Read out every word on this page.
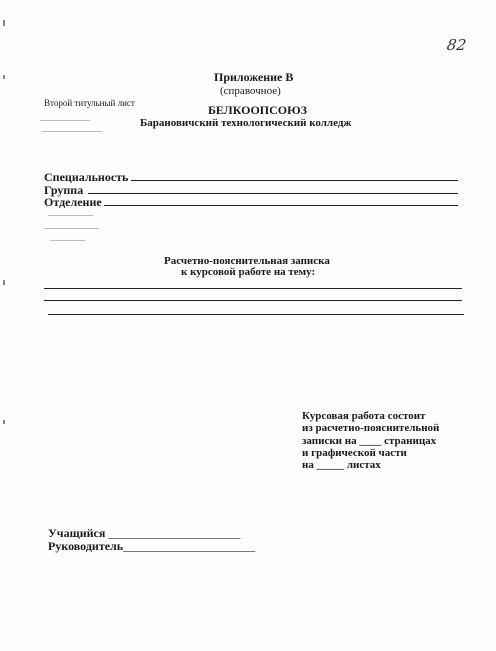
82
Приложение В
(справочное)
Второй титульный лист	БЕЛКООПСОЮЗ
Барановичский технологический колледж
Специальность
Группа
Отделение
Расчетно-пояснительная записка
к курсовой работе на тему:
Курсовая работа состоит
из расчетно-пояснительной
записки на ____ страницах
и графической части
на _____ листах
Учащийся ______________________
Руководитель______________________
